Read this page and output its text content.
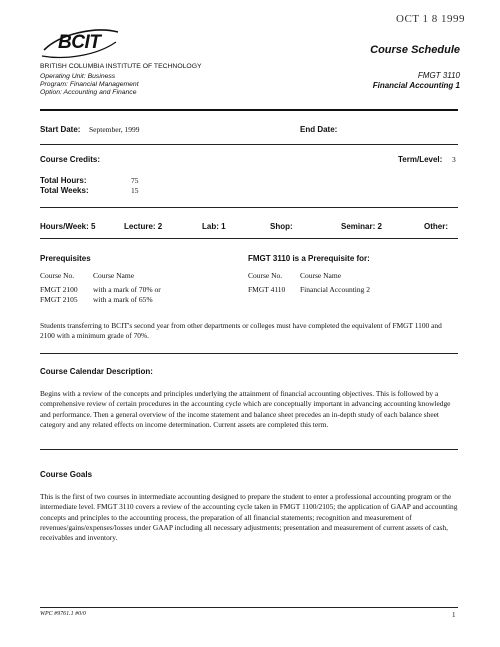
OCT 1 8 1999
BCIT	Course Schedule
FMGT 3110
Financial Accounting 1
BRITISH COLUMBIA INSTITUTE OF TECHNOLOGY
Operating Unit: Business
Program: Financial Management
Option: Accounting and Finance
Start Date: September, 1999	End Date:
Course Credits:	Term/Level: 3
Total Hours:	75
Total Weeks:	15
Hours/Week: 5	Lecture: 2	Lab: 1	Shop:	Seminar: 2	Other:
Prerequisites
Course No.	Course Name
FMGT 2100 with a mark of 70% or
FMGT 2105 with a mark of 65%
FMGT 3110 is a Prerequisite for:
Course No. Course Name
FMGT 4110 Financial Accounting 2
Students transferring to BCIT's second year from other departments or colleges must have completed the equivalent of FMGT 1100 and 2100 with a minimum grade of 70%.
Course Calendar Description:
Begins with a review of the concepts and principles underlying the attainment of financial accounting objectives. This is followed by a comprehensive review of certain procedures in the accounting cycle which are conceptually important in advancing accounting knowledge and performance. Then a general overview of the income statement and balance sheet precedes an in-depth study of each balance sheet category and any related effects on income determination. Current assets are completed this term.
Course Goals
This is the first of two courses in intermediate accounting designed to prepare the student to enter a professional accounting program or the intermediate level. FMGT 3110 covers a review of the accounting cycle taken in FMGT 1100/2105; the application of GAAP and accounting concepts and principles to the accounting process, the preparation of all financial statements; recognition and measurement of revenues/gains/expenses/losses under GAAP including all necessary adjustments; presentation and measurement of current assets of cash, receivables and inventory.
WPC #9761.1 #0/0	1
